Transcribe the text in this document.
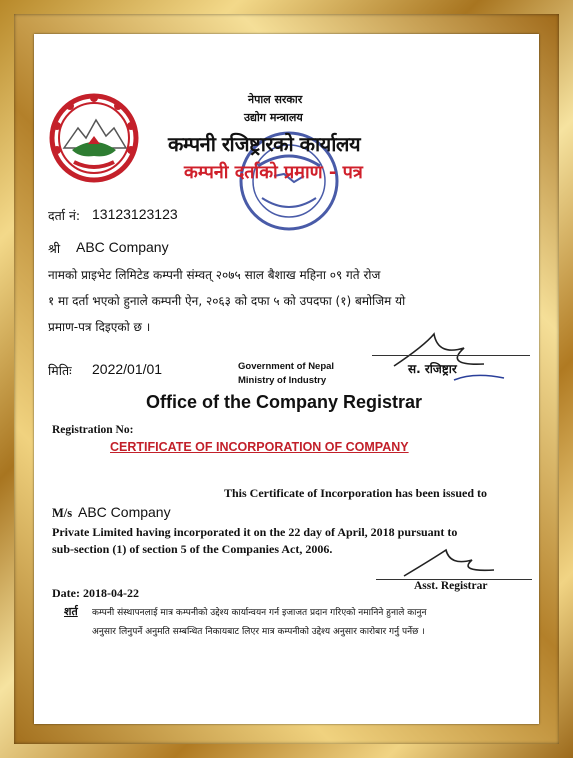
नेपाल सरकार
उद्योग मन्त्रालय
कम्पनी रजिष्ट्रारको कार्यालय
कम्पनी दर्ताको प्रमाण - पत्र
दर्ता नं: 13123123123
श्री ABC Company
नामको प्राइभेट लिमिटेड कम्पनी संम्वत् २०७५ साल बैशाख महिना ०९ गते रोज
१ मा दर्ता भएको हुनाले कम्पनी ऐन, २०६३ को दफा ५ को उपदफा (१) बमोजिम यो
प्रमाण-पत्र दिइएको छ ।
मितिः 2022/01/01	स. रजिष्ट्रार
Government of Nepal
Ministry of Industry
Office of the Company Registrar
Registration No:
CERTIFICATE OF INCORPORATION OF COMPANY
This Certificate of Incorporation has been issued to
M/s ABC Company
Private Limited having incorporated it on the 22 day of April, 2018 pursuant to
sub-section (1) of section 5 of the Companies Act, 2006.
Asst. Registrar
Date: 2018-04-22
शर्त कम्पनी संस्थापनलाई मात्र कम्पनीको उद्देश्य कार्यान्वयन गर्न इजाजत प्रदान गरिएको नमानिने हुनाले कानुन
अनुसार लिनुपर्ने अनुमति सम्बन्धित निकायबाट लिएर मात्र कम्पनीको उद्देश्य अनुसार कारोबार गर्नु पर्नेछ ।
